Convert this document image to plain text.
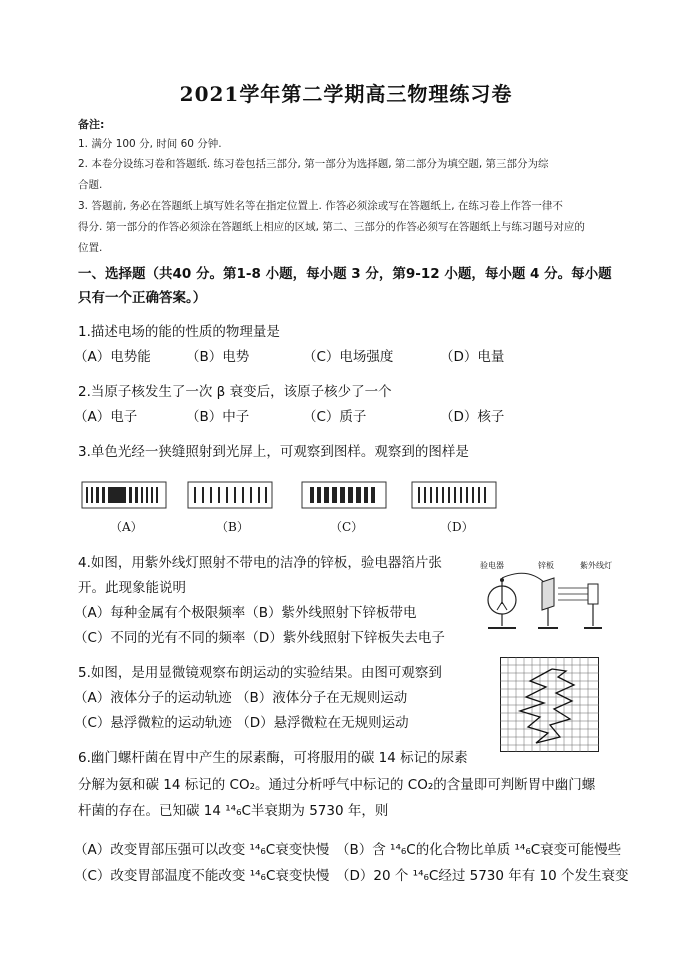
2021学年第二学期高三物理练习卷
备注:
1. 满分 100 分, 时间 60 分钟.
2. 本卷分设练习卷和答题纸. 练习卷包括三部分, 第一部分为选择题, 第二部分为填空题, 第三部分为综
合题.
3. 答题前, 务必在答题纸上填写姓名等在指定位置上. 作答必须涂或写在答题纸上, 在练习卷上作答一律不
得分. 第一部分的作答必须涂在答题纸上相应的区域, 第二、三部分的作答必须写在答题纸上与练习题号对应的
位置.
一、选择题（共40 分。第1-8 小题，每小题 3 分，第9-12 小题，每小题 4 分。每小题
只有一个正确答案。）
1.描述电场的能的性质的物理量是
（A）电势能	（B）电势	（C）电场强度	（D）电量
2.当原子核发生了一次 β 衰变后，该原子核少了一个
（A）电子	（B）中子	（C）质子	（D）核子
3.单色光经一狭缝照射到光屏上，可观察到图样。观察到的图样是
（A）	（B）	（C）	（D）
4.如图，用紫外线灯照射不带电的洁净的锌板，验电器箔片张
开。此现象能说明
（A）每种金属有个极限频率（B）紫外线照射下锌板带电
（C）不同的光有不同的频率（D）紫外线照射下锌板失去电子
验电器	锌板	紫外线灯
5.如图，是用显微镜观察布朗运动的实验结果。由图可观察到
（A）液体分子的运动轨迹 （B）液体分子在无规则运动
（C）悬浮微粒的运动轨迹 （D）悬浮微粒在无规则运动
6.幽门螺杆菌在胃中产生的尿素酶，可将服用的碳 14 标记的尿素
分解为氨和碳 14 标记的 CO₂。通过分析呼气中标记的 CO₂的含量即可判断胃中幽门螺
杆菌的存在。已知碳 14 ¹⁴₆C半衰期为 5730 年，则
（A）改变胃部压强可以改变 ¹⁴₆C衰变快慢 （B）含 ¹⁴₆C的化合物比单质 ¹⁴₆C衰变可能慢些
（C）改变胃部温度不能改变 ¹⁴₆C衰变快慢 （D）20 个 ¹⁴₆C经过 5730 年有 10 个发生衰变
